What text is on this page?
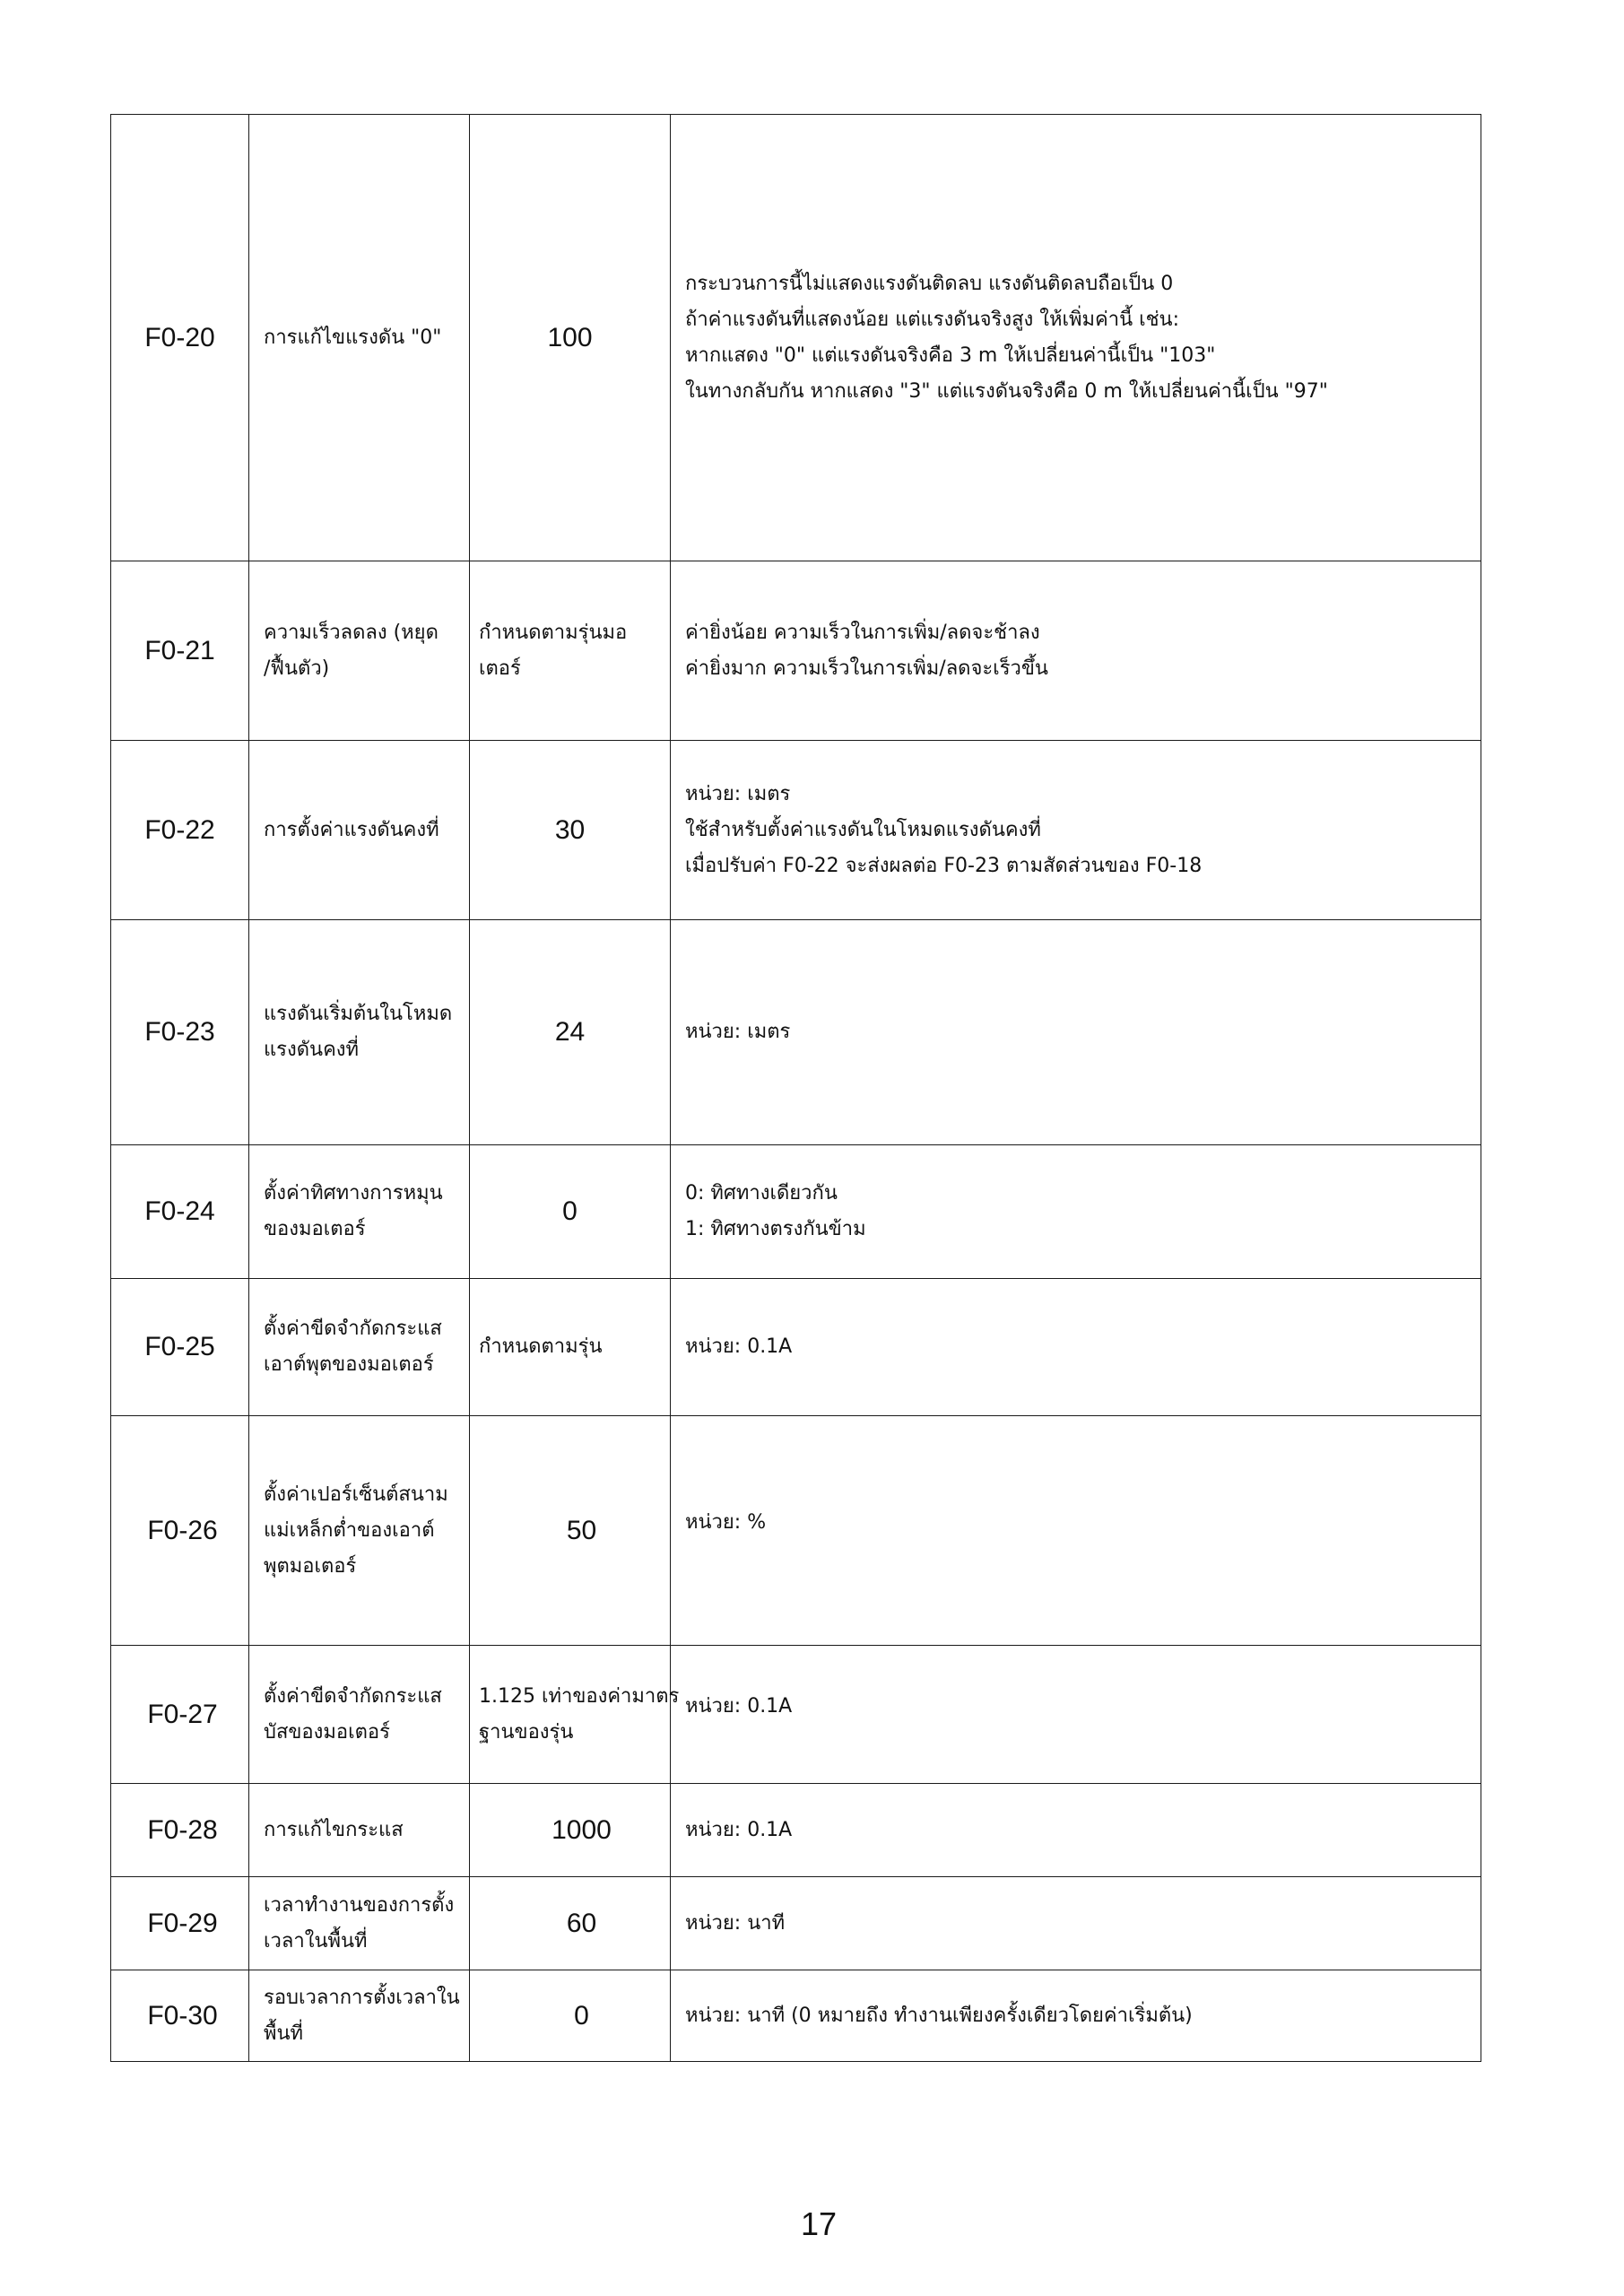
F0-20	การแก้ไขแรงดัน "0"	100	กระบวนการนี้ไม่แสดงแรงดันติดลบ แรงดันติดลบถือเป็น 0
ถ้าค่าแรงดันที่แสดงน้อย แต่แรงดันจริงสูง ให้เพิ่มค่านี้ เช่น:
หากแสดง "0" แต่แรงดันจริงคือ 3 m ให้เปลี่ยนค่านี้เป็น "103"
ในทางกลับกัน หากแสดง "3" แต่แรงดันจริงคือ 0 m ให้เปลี่ยนค่านี้เป็น "97"

F0-21	ความเร็วลดลง (หยุด
/ฟื้นตัว)	กำหนดตามรุ่นมอ
เตอร์	ค่ายิ่งน้อย ความเร็วในการเพิ่ม/ลดจะช้าลง
ค่ายิ่งมาก ความเร็วในการเพิ่ม/ลดจะเร็วขึ้น

F0-22	การตั้งค่าแรงดันคงที่	30	หน่วย: เมตร
ใช้สำหรับตั้งค่าแรงดันในโหมดแรงดันคงที่
เมื่อปรับค่า F0-22 จะส่งผลต่อ F0-23 ตามสัดส่วนของ F0-18

F0-23	แรงดันเริ่มต้นในโหมด
แรงดันคงที่	24	หน่วย: เมตร

F0-24	ตั้งค่าทิศทางการหมุน
ของมอเตอร์	0	0: ทิศทางเดียวกัน
1: ทิศทางตรงกันข้าม

F0-25	ตั้งค่าขีดจำกัดกระแส
เอาต์พุตของมอเตอร์	กำหนดตามรุ่น	หน่วย: 0.1A

F0-26	ตั้งค่าเปอร์เซ็นต์สนาม
แม่เหล็กต่ำของเอาต์
พุตมอเตอร์	50	หน่วย: %

F0-27	ตั้งค่าขีดจำกัดกระแส
บัสของมอเตอร์	1.125 เท่าของค่ามาตร
ฐานของรุ่น	หน่วย: 0.1A

F0-28	การแก้ไขกระแส	1000	หน่วย: 0.1A

F0-29	เวลาทำงานของการตั้ง
เวลาในพื้นที่	60	หน่วย: นาที

F0-30	รอบเวลาการตั้งเวลาใน
พื้นที่	0	หน่วย: นาที (0 หมายถึง ทำงานเพียงครั้งเดียวโดยค่าเริ่มต้น)
17
